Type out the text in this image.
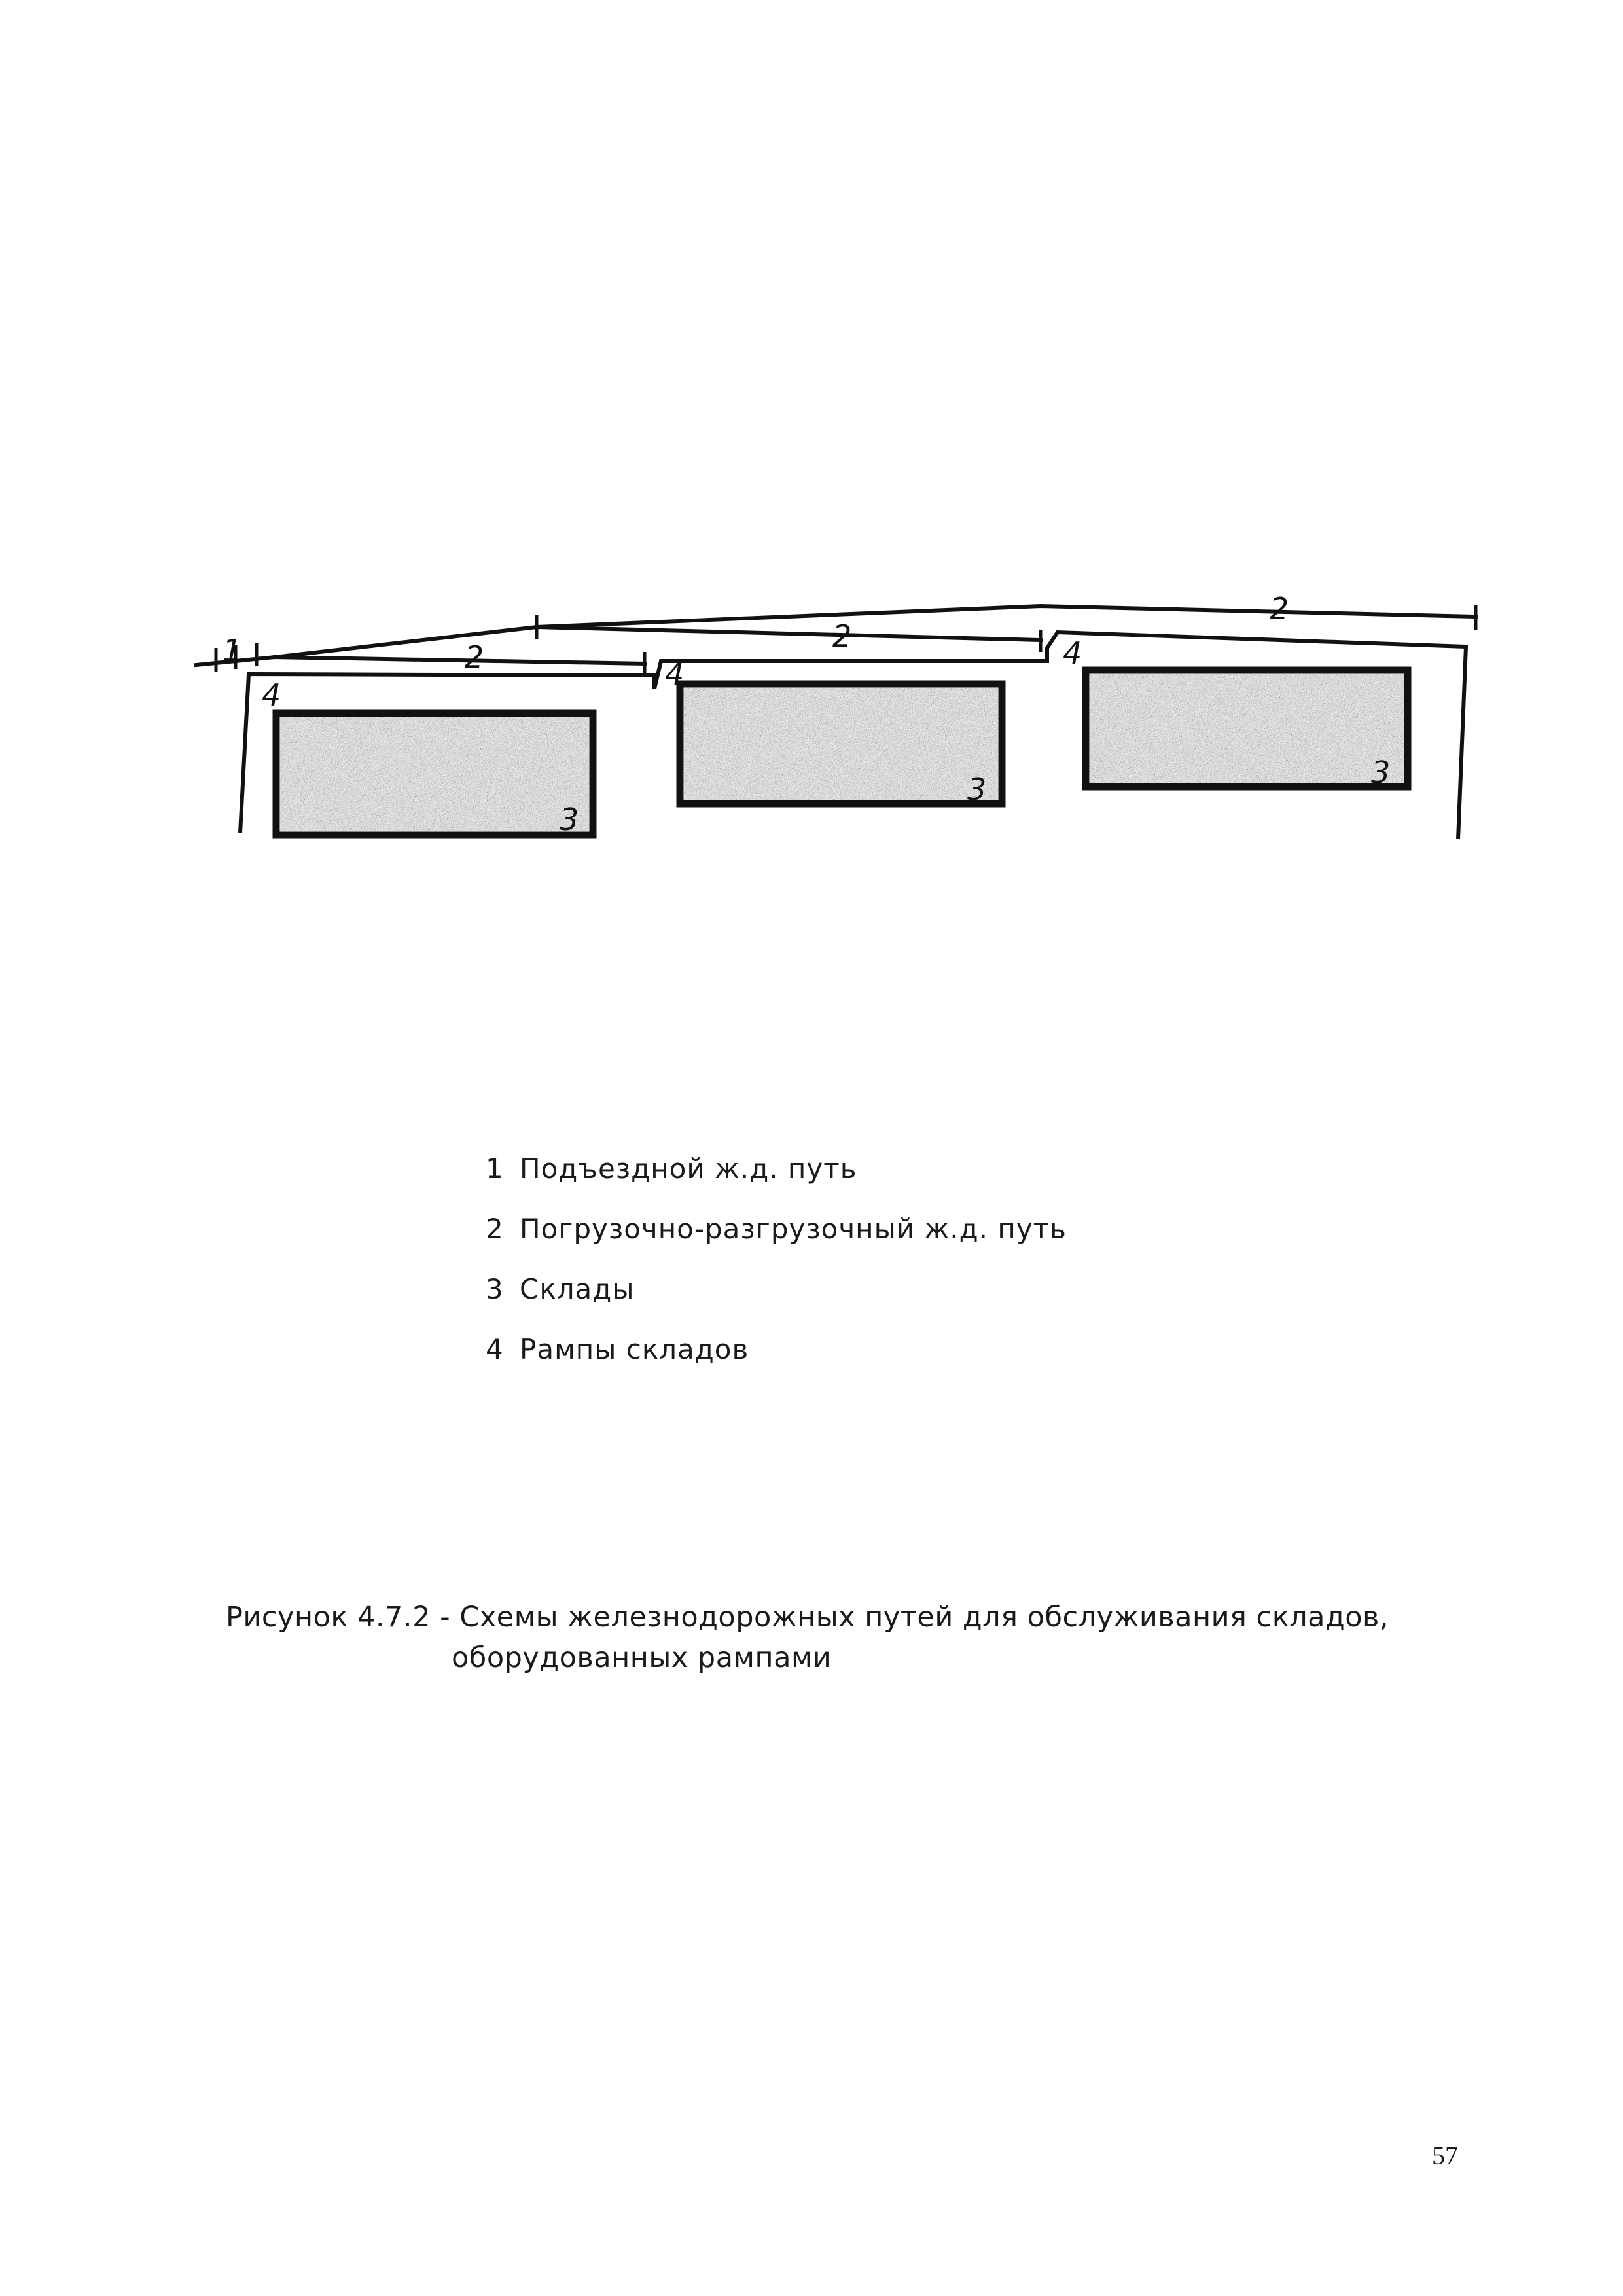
1	2
2
2
4
4
4
3
3	3
1 Подъездной ж.д. путь
2 Погрузочно-разгрузочный ж.д. путь
3 Склады
4 Рампы складов
Рисунок 4.7.2 - Схемы железнодорожных путей для обслуживания складов,
оборудованных рампами
57
